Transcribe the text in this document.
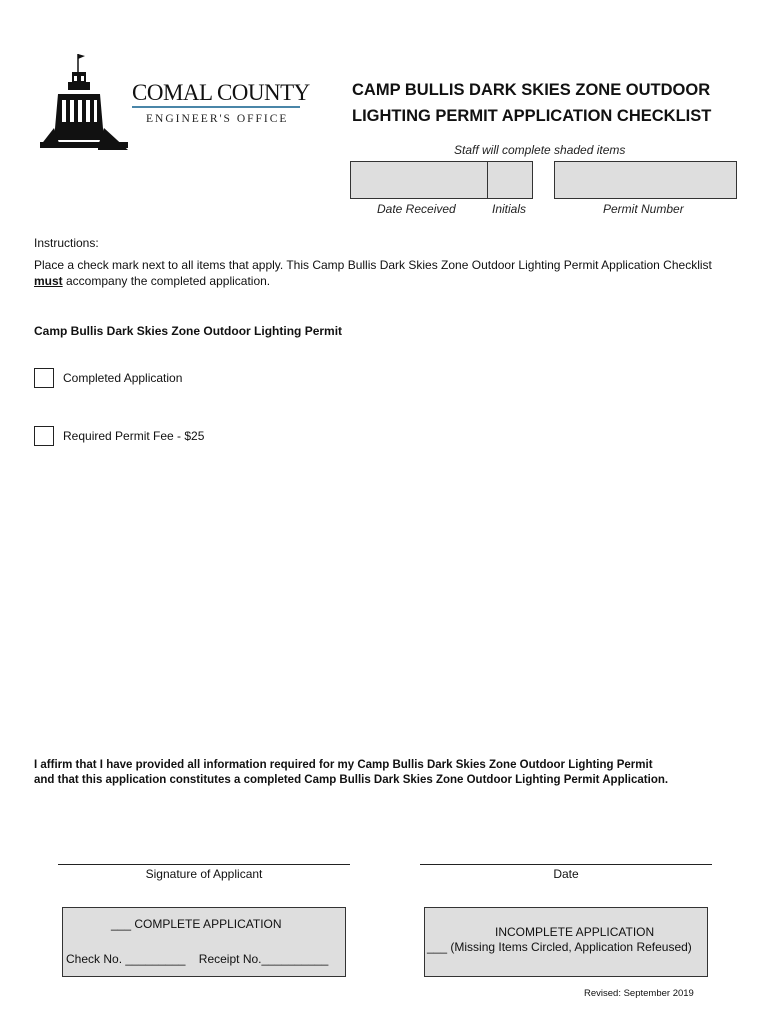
COMAL COUNTY
ENGINEER'S OFFICE
CAMP BULLIS DARK SKIES ZONE OUTDOOR
LIGHTING PERMIT APPLICATION CHECKLIST
Staff will complete shaded items
Date Received	Initials	Permit Number
Instructions:
Place a check mark next to all items that apply. This Camp Bullis Dark Skies Zone Outdoor Lighting Permit Application Checklist must accompany the completed application.
Camp Bullis Dark Skies Zone Outdoor Lighting Permit
Completed Application
Required Permit Fee - $25
I affirm that I have provided all information required for my Camp Bullis Dark Skies Zone Outdoor Lighting Permit
and that this application constitutes a completed Camp Bullis Dark Skies Zone Outdoor Lighting Permit Application.
Signature of Applicant	Date
___ COMPLETE APPLICATION
Check No. _________ Receipt No.__________
INCOMPLETE APPLICATION
___ (Missing Items Circled, Application Refeused)
Revised: September 2019
